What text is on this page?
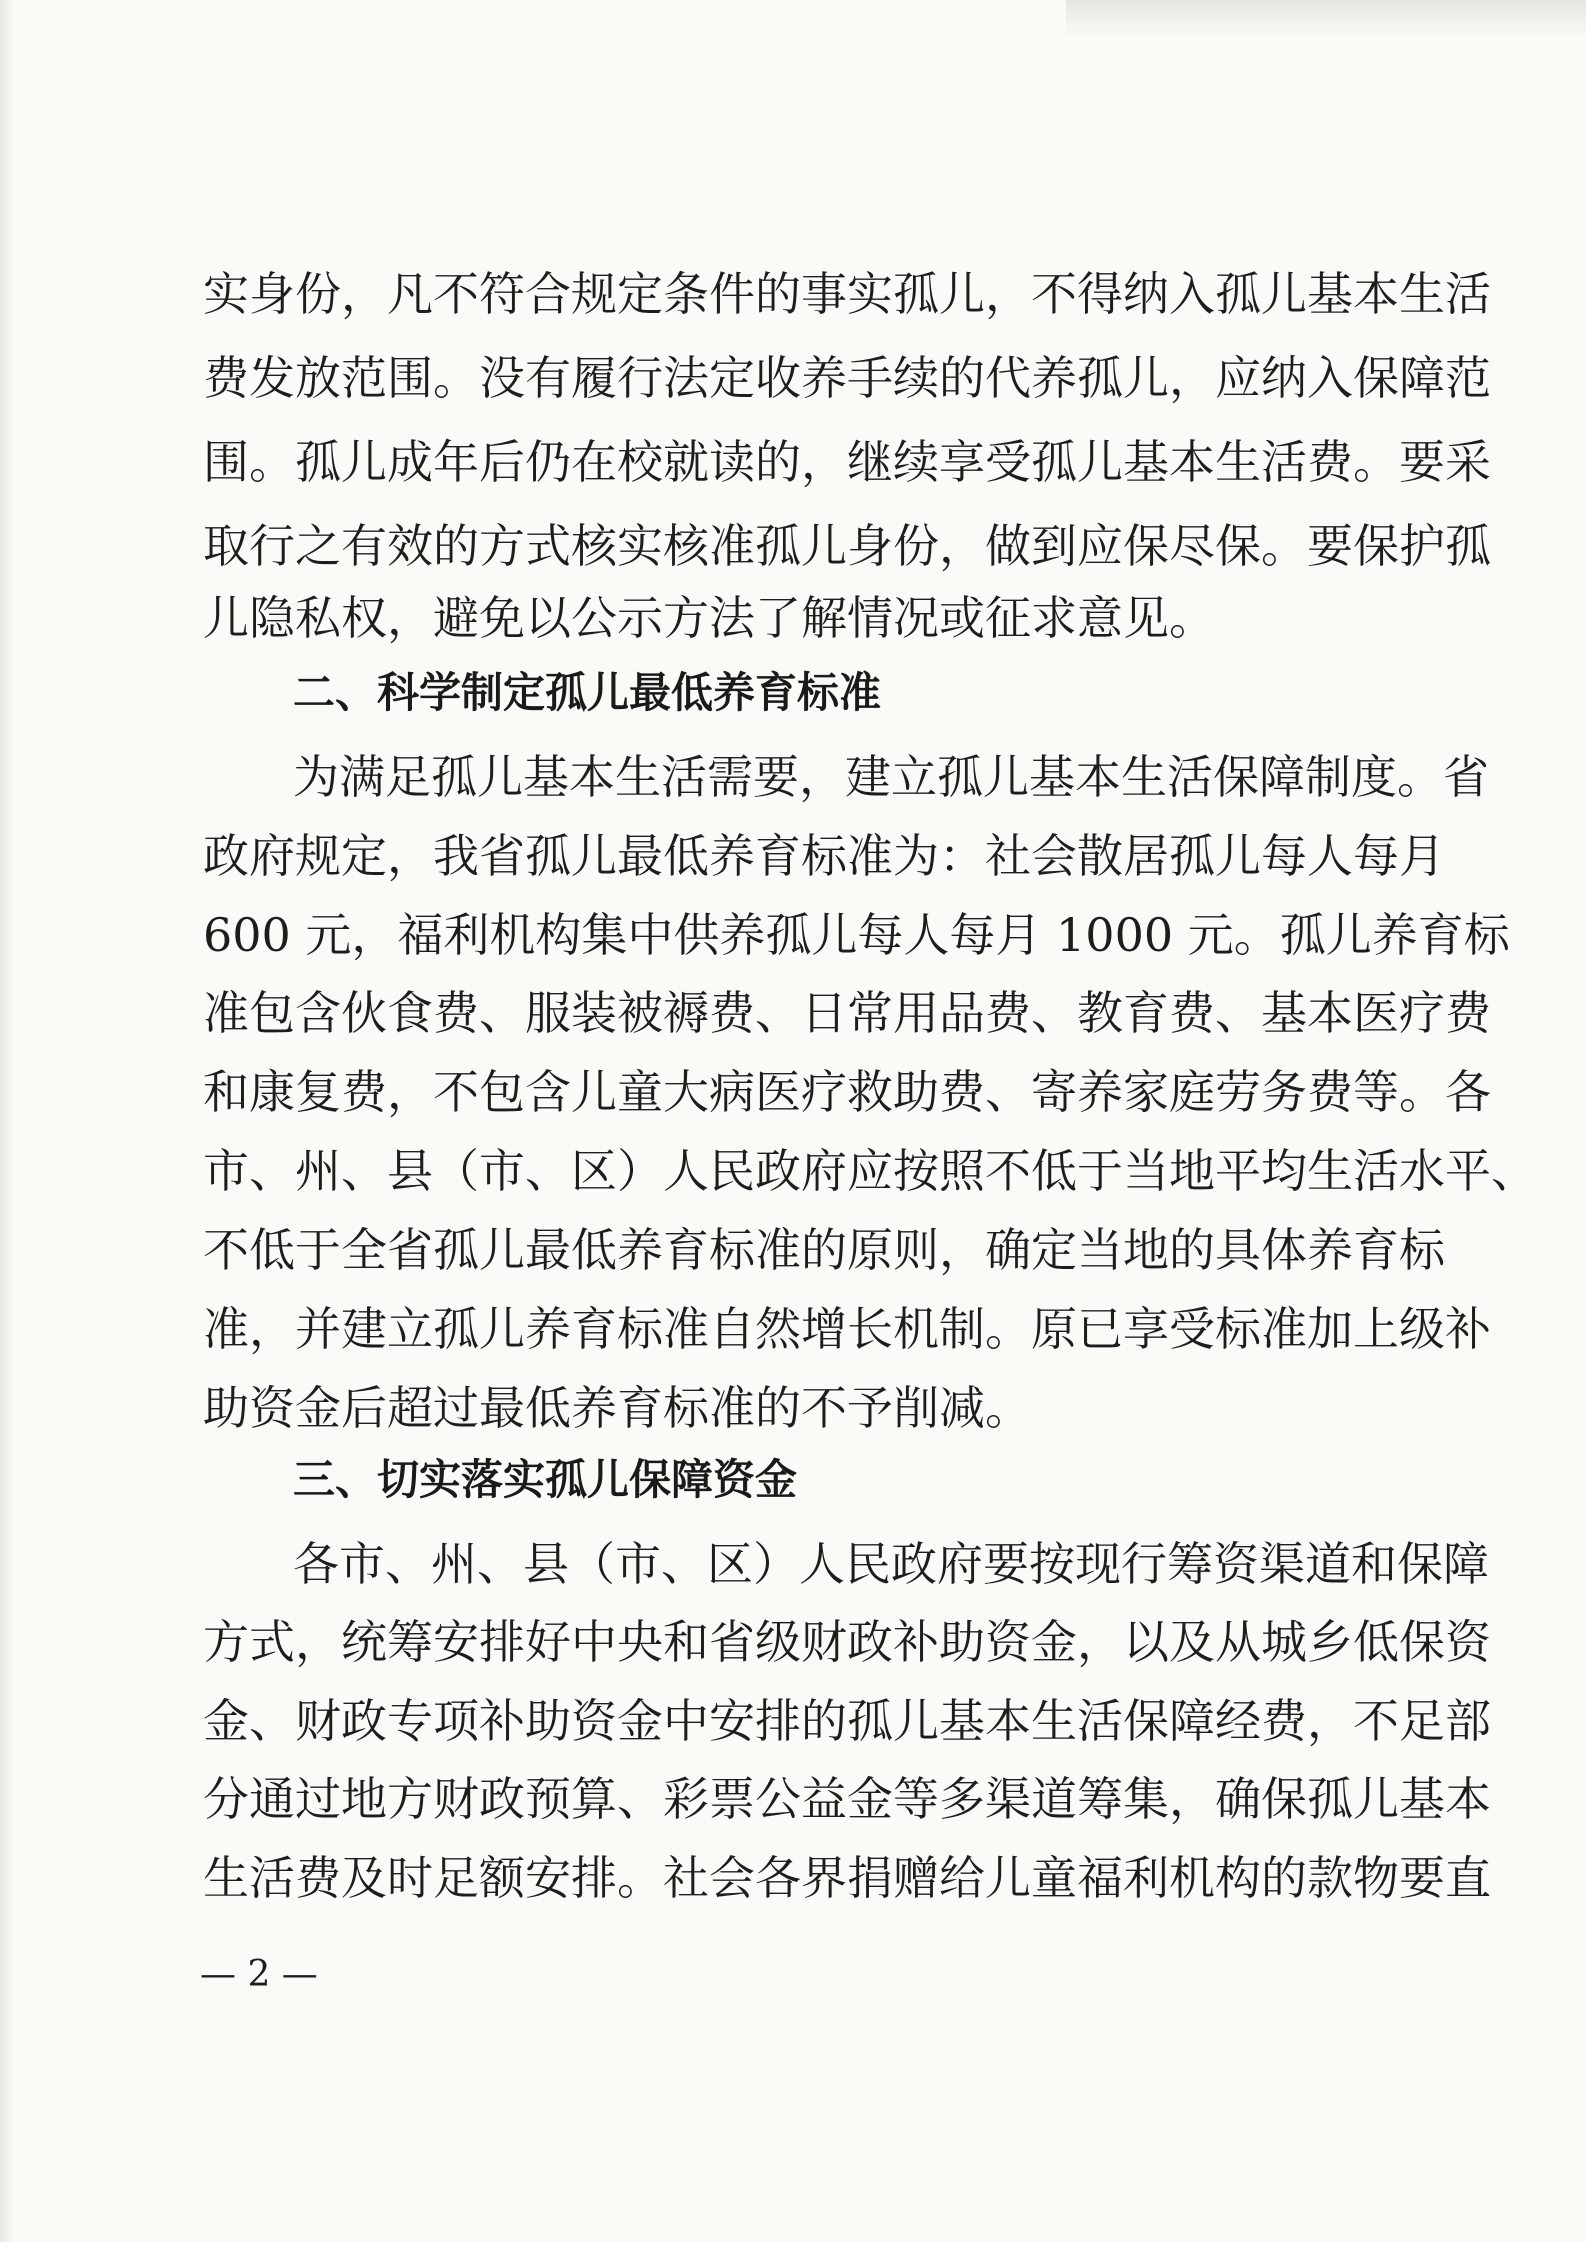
实身份，凡不符合规定条件的事实孤儿，不得纳入孤儿基本生活
费发放范围。没有履行法定收养手续的代养孤儿，应纳入保障范
围。孤儿成年后仍在校就读的，继续享受孤儿基本生活费。要采
取行之有效的方式核实核准孤儿身份，做到应保尽保。要保护孤
儿隐私权，避免以公示方法了解情况或征求意见。
二、科学制定孤儿最低养育标准
为满足孤儿基本生活需要，建立孤儿基本生活保障制度。省
政府规定，我省孤儿最低养育标准为：社会散居孤儿每人每月
600 元，福利机构集中供养孤儿每人每月 1000 元。孤儿养育标
准包含伙食费、服装被褥费、日常用品费、教育费、基本医疗费
和康复费，不包含儿童大病医疗救助费、寄养家庭劳务费等。各
市、州、县（市、区）人民政府应按照不低于当地平均生活水平、
不低于全省孤儿最低养育标准的原则，确定当地的具体养育标
准，并建立孤儿养育标准自然增长机制。原已享受标准加上级补
助资金后超过最低养育标准的不予削减。
三、切实落实孤儿保障资金
各市、州、县（市、区）人民政府要按现行筹资渠道和保障
方式，统筹安排好中央和省级财政补助资金，以及从城乡低保资
金、财政专项补助资金中安排的孤儿基本生活保障经费，不足部
分通过地方财政预算、彩票公益金等多渠道筹集，确保孤儿基本
生活费及时足额安排。社会各界捐赠给儿童福利机构的款物要直
— 2 —
